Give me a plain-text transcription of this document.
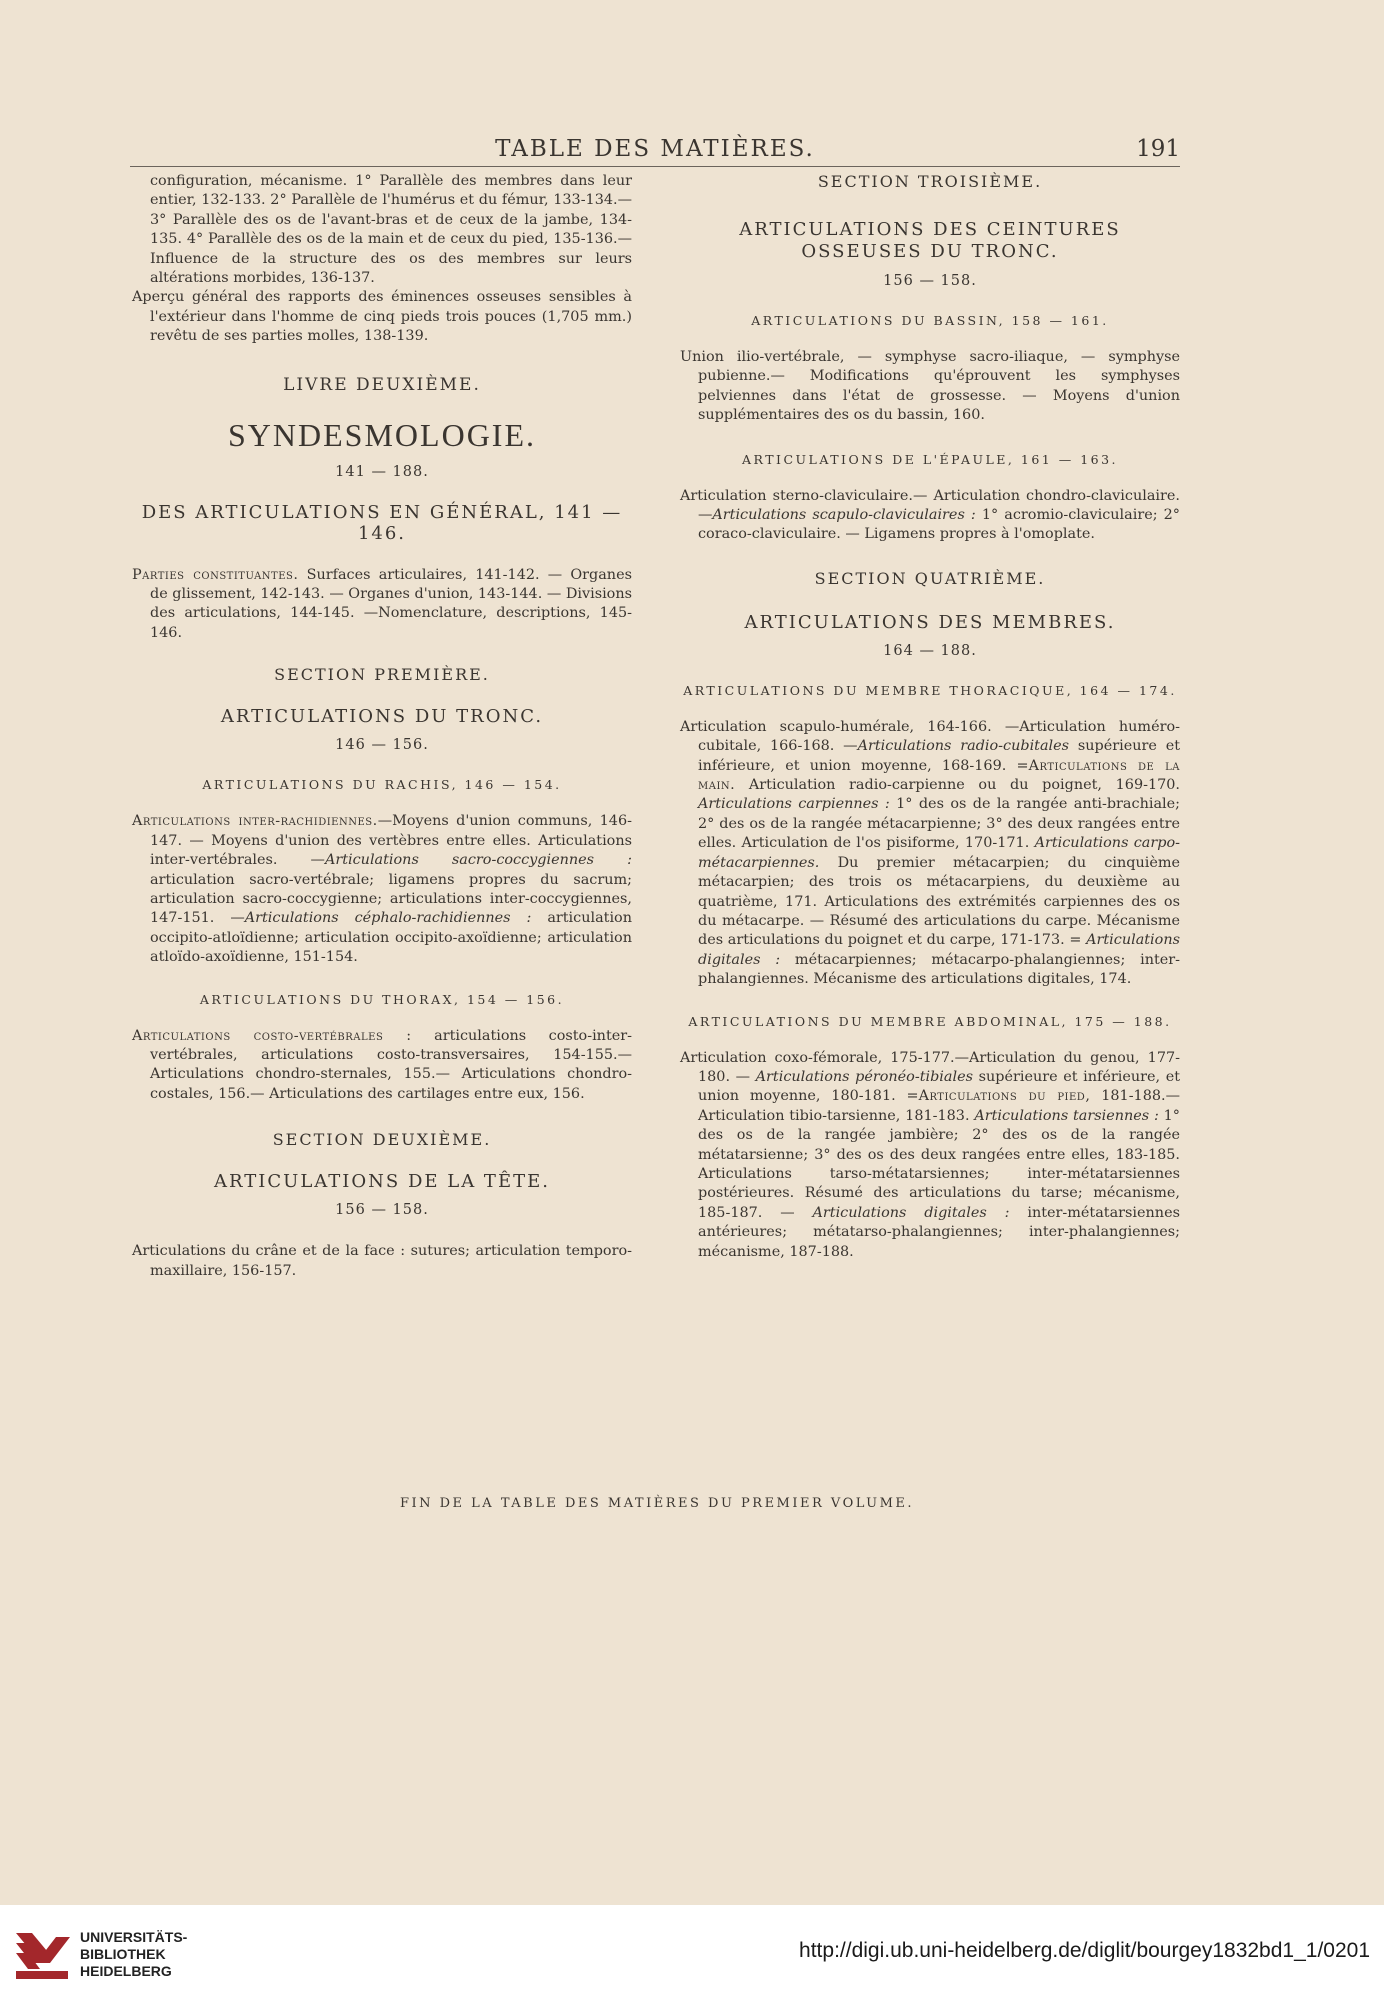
TABLE DES MATIÈRES.	191

configuration, mécanisme. 1° Parallèle des membres dans leur entier, 132-133. 2° Parallèle de l'humérus et du fémur, 133-134.— 3° Parallèle des os de l'avant-bras et de ceux de la jambe, 134-135. 4° Parallèle des os de la main et de ceux du pied, 135-136.— Influence de la structure des os des membres sur leurs altérations morbides, 136-137.

Aperçu général des rapports des éminences osseuses sensibles à l'extérieur dans l'homme de cinq pieds trois pouces (1,705 mm.) revêtu de ses parties molles, 138-139.

LIVRE DEUXIÈME.
SYNDESMOLOGIE.
141 — 188.
DES ARTICULATIONS EN GÉNÉRAL, 141 — 146.

Parties constituantes. Surfaces articulaires, 141-142. — Organes de glissement, 142-143. — Organes d'union, 143-144. — Divisions des articulations, 144-145. —Nomenclature, descriptions, 145-146.

SECTION PREMIÈRE.
ARTICULATIONS DU TRONC.
146 — 156.
ARTICULATIONS DU RACHIS, 146 — 154.

Articulations inter-rachidiennes.—Moyens d'union communs, 146-147. — Moyens d'union des vertèbres entre elles. Articulations inter-vertébrales. —Articulations sacro-coccygiennes : articulation sacro-vertébrale; ligamens propres du sacrum; articulation sacro-coccygienne; articulations inter-coccygiennes, 147-151. —Articulations céphalo-rachidiennes : articulation occipito-atloïdienne; articulation occipito-axoïdienne; articulation atloïdo-axoïdienne, 151-154.

ARTICULATIONS DU THORAX, 154 — 156.

Articulations costo-vertébrales : articulations costo-inter-vertébrales, articulations costo-transversaires, 154-155.—Articulations chondro-sternales, 155.— Articulations chondro-costales, 156.— Articulations des cartilages entre eux, 156.

SECTION DEUXIÈME.
ARTICULATIONS DE LA TÊTE.
156 — 158.

Articulations du crâne et de la face : sutures; articulation temporo-maxillaire, 156-157.

SECTION TROISIÈME.
ARTICULATIONS DES CEINTURES OSSEUSES DU TRONC.
156 — 158.
ARTICULATIONS DU BASSIN, 158 — 161.

Union ilio-vertébrale, — symphyse sacro-iliaque, — symphyse pubienne.— Modifications qu'éprouvent les symphyses pelviennes dans l'état de grossesse. — Moyens d'union supplémentaires des os du bassin, 160.

ARTICULATIONS DE L'ÉPAULE, 161 — 163.

Articulation sterno-claviculaire.— Articulation chondro-claviculaire. —Articulations scapulo-claviculaires : 1° acromio-claviculaire; 2° coraco-claviculaire. — Ligamens propres à l'omoplate.

SECTION QUATRIÈME.
ARTICULATIONS DES MEMBRES.
164 — 188.
ARTICULATIONS DU MEMBRE THORACIQUE, 164 — 174.

Articulation scapulo-humérale, 164-166. —Articulation huméro-cubitale, 166-168. —Articulations radio-cubitales supérieure et inférieure, et union moyenne, 168-169. =Articulations de la main. Articulation radio-carpienne ou du poignet, 169-170. Articulations carpiennes : 1° des os de la rangée anti-brachiale; 2° des os de la rangée métacarpienne; 3° des deux rangées entre elles. Articulation de l'os pisiforme, 170-171. Articulations carpo-métacarpiennes. Du premier métacarpien; du cinquième métacarpien; des trois os métacarpiens, du deuxième au quatrième, 171. Articulations des extrémités carpiennes des os du métacarpe. — Résumé des articulations du carpe. Mécanisme des articulations du poignet et du carpe, 171-173. = Articulations digitales : métacarpiennes; métacarpo-phalangiennes; inter-phalangiennes. Mécanisme des articulations digitales, 174.

ARTICULATIONS DU MEMBRE ABDOMINAL, 175 — 188.

Articulation coxo-fémorale, 175-177.—Articulation du genou, 177-180. — Articulations péronéo-tibiales supérieure et inférieure, et union moyenne, 180-181. =Articulations du pied, 181-188.— Articulation tibio-tarsienne, 181-183. Articulations tarsiennes : 1° des os de la rangée jambière; 2° des os de la rangée métatarsienne; 3° des os des deux rangées entre elles, 183-185. Articulations tarso-métatarsiennes; inter-métatarsiennes postérieures. Résumé des articulations du tarse; mécanisme, 185-187. — Articulations digitales : inter-métatarsiennes antérieures; métatarso-phalangiennes; inter-phalangiennes; mécanisme, 187-188.

FIN DE LA TABLE DES MATIÈRES DU PREMIER VOLUME.
UNIVERSITÄTS-
BIBLIOTHEK
HEIDELBERG
http://digi.ub.uni-heidelberg.de/diglit/bourgey1832bd1_1/0201
